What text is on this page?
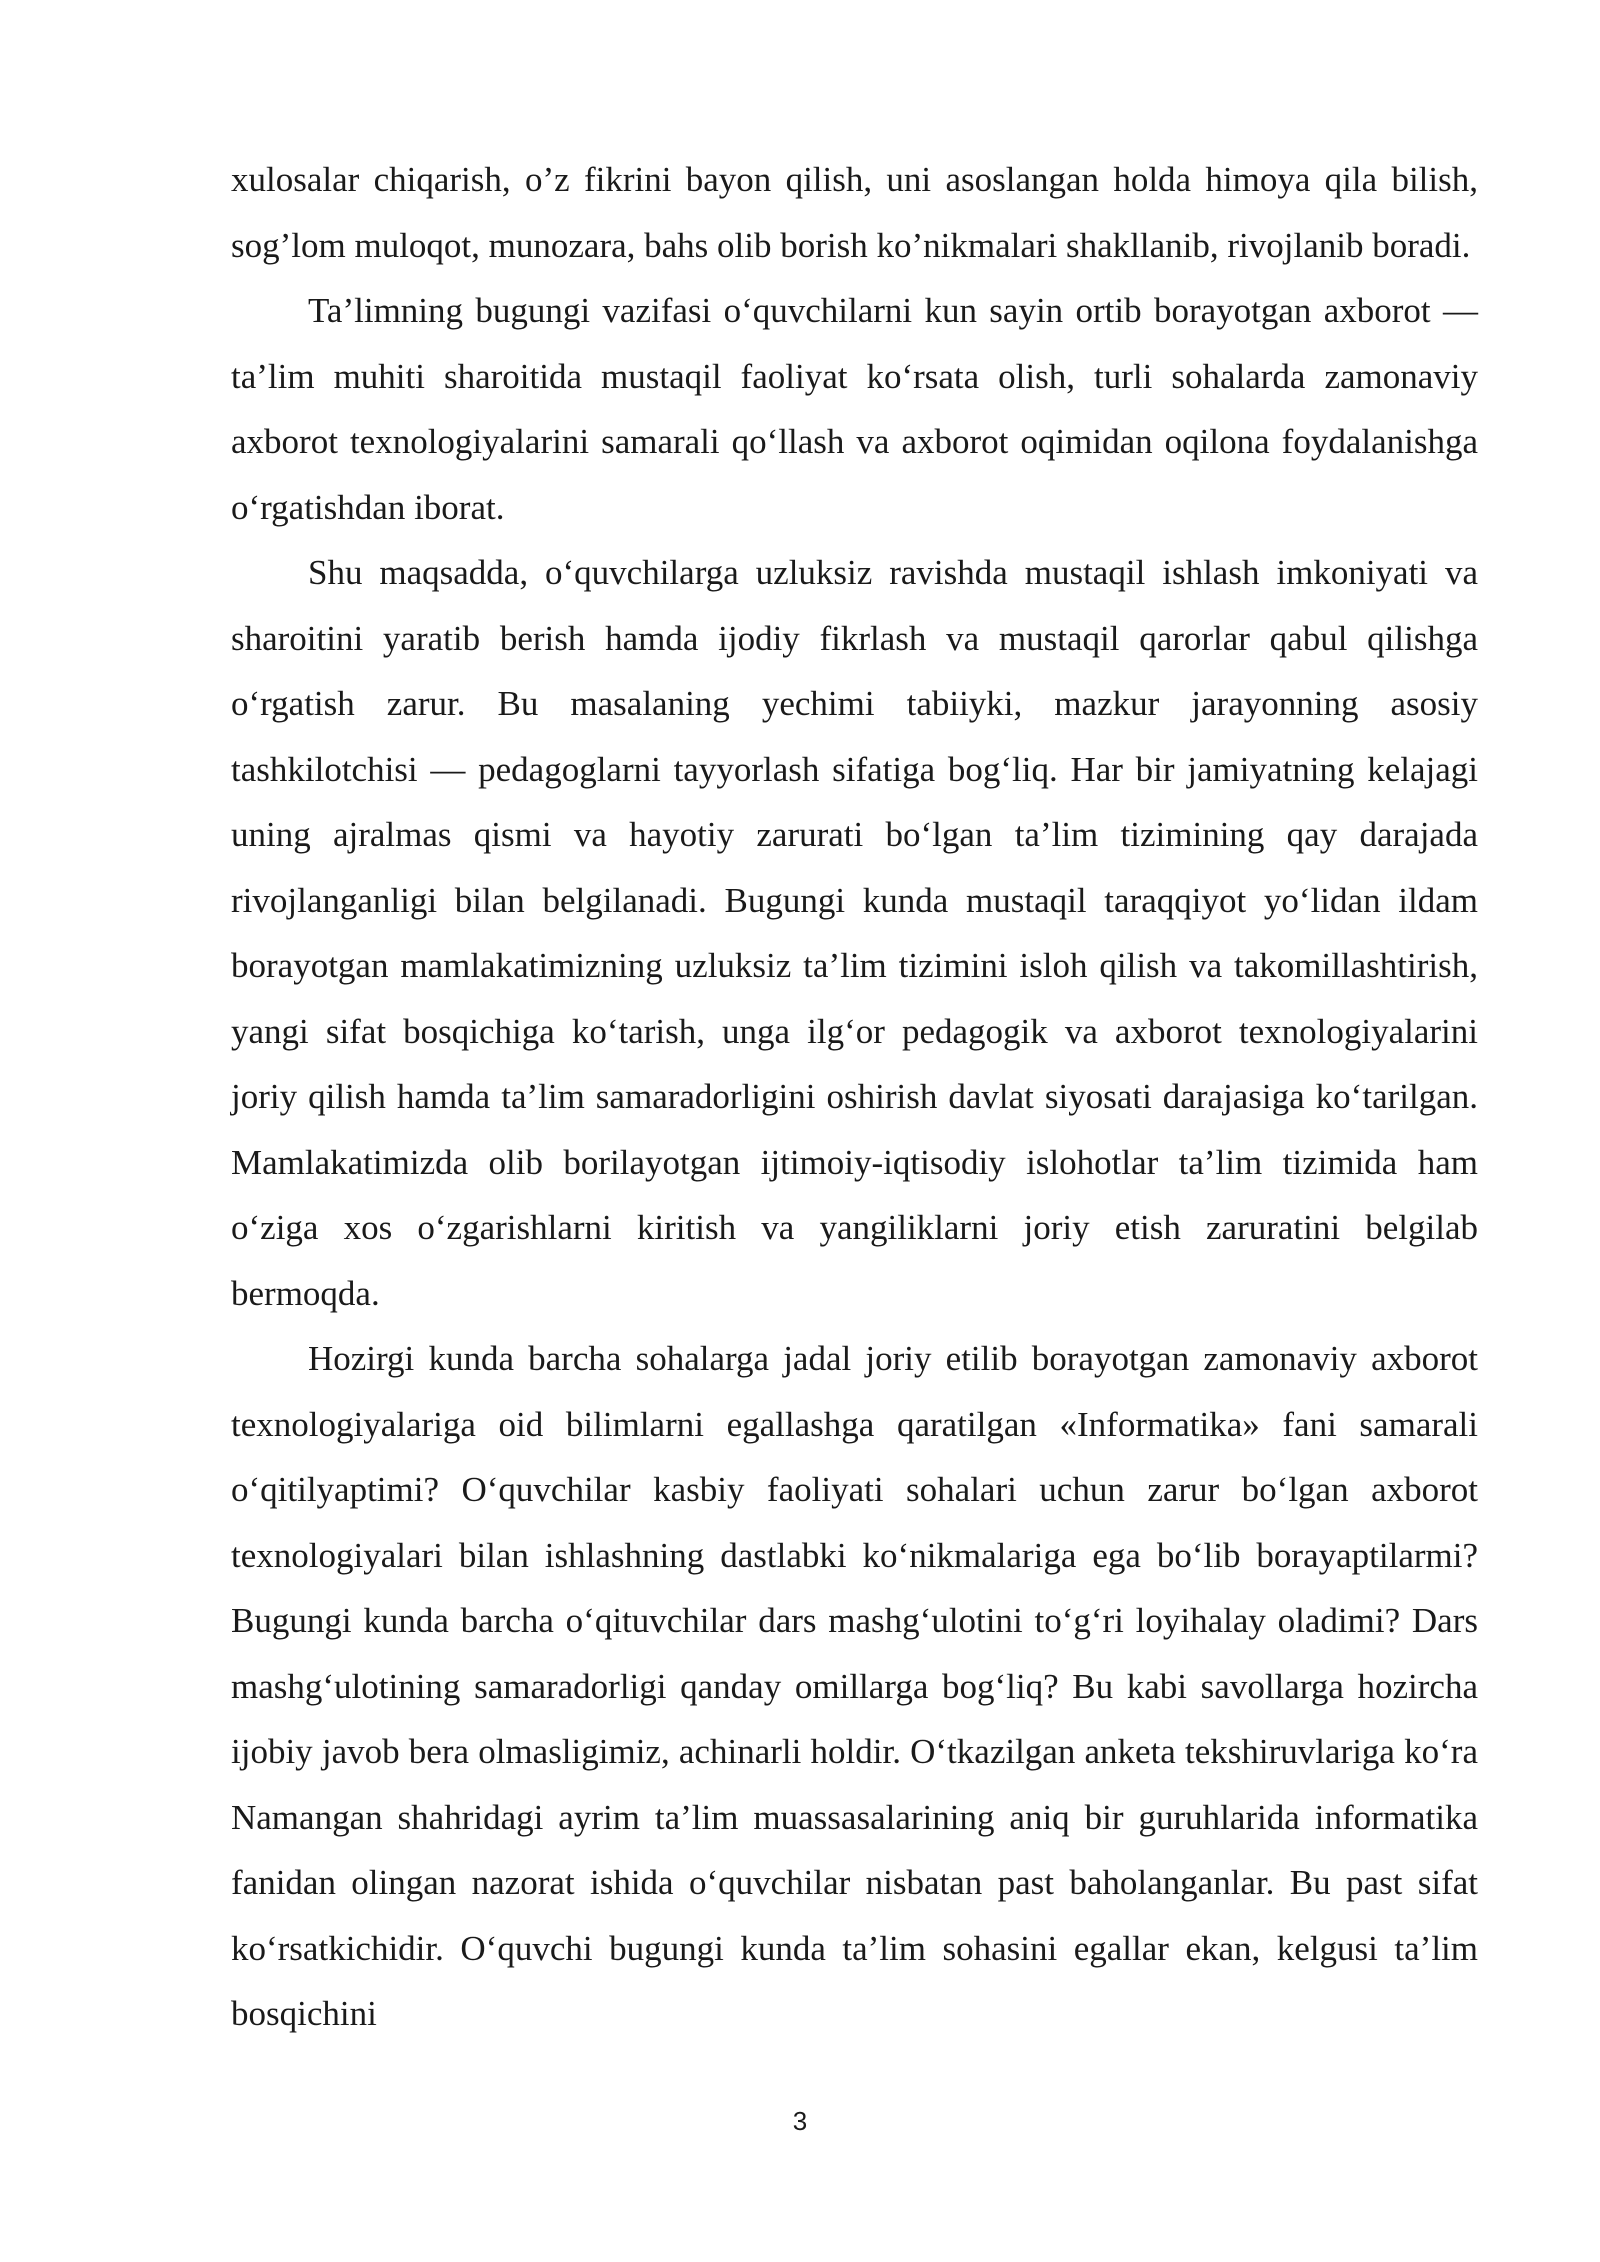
xulosalar chiqarish, o’z fikrini bayon qilish, uni asoslangan holda himoya qila bilish, sog’lom muloqot, munozara, bahs olib borish ko’nikmalari shakllanib, rivojlanib boradi.

Ta’limning bugungi vazifasi o‘quvchilarni kun sayin ortib borayotgan axborot — ta’lim muhiti sharoitida mustaqil faoliyat ko‘rsata olish, turli sohalarda zamonaviy axborot texnologiyalarini samarali qo‘llash va axborot oqimidan oqilona foydalanishga o‘rgatishdan iborat.

Shu maqsadda, o‘quvchilarga uzluksiz ravishda mustaqil ishlash imkoniyati va sharoitini yaratib berish hamda ijodiy fikrlash va mustaqil qarorlar qabul qilishga o‘rgatish zarur. Bu masalaning yechimi tabiiyki, mazkur jarayonning asosiy tashkilotchisi — pedagoglarni tayyorlash sifatiga bog‘liq. Har bir jamiyatning kelajagi uning ajralmas qismi va hayotiy zarurati bo‘lgan ta’lim tizimining qay darajada rivojlanganligi bilan belgilanadi. Bugungi kunda mustaqil taraqqiyot yo‘lidan ildam borayotgan mamlakatimizning uzluksiz ta’lim tizimini isloh qilish va takomillashtirish, yangi sifat bosqichiga ko‘tarish, unga ilg‘or pedagogik va axborot texnologiyalarini joriy qilish hamda ta’lim samaradorligini oshirish davlat siyosati darajasiga ko‘tarilgan. Mamlakatimizda olib borilayotgan ijtimoiy-iqtisodiy islohotlar ta’lim tizimida ham o‘ziga xos o‘zgarishlarni kiritish va yangiliklarni joriy etish zaruratini belgilab bermoqda.

Hozirgi kunda barcha sohalarga jadal joriy etilib borayotgan zamonaviy axborot texnologiyalariga oid bilimlarni egallashga qaratilgan «Informatika» fani samarali o‘qitilyaptimi? O‘quvchilar kasbiy faoliyati sohalari uchun zarur bo‘lgan axborot texnologiyalari bilan ishlashning dastlabki ko‘nikmalariga ega bo‘lib borayaptilarmi? Bugungi kunda barcha o‘qituvchilar dars mashg‘ulotini to‘g‘ri loyihalay oladimi? Dars mashg‘ulotining samaradorligi qanday omillarga bog‘liq? Bu kabi savollarga hozircha ijobiy javob bera olmasligimiz, achinarli holdir. O‘tkazilgan anketa tekshiruvlariga ko‘ra Namangan shahridagi ayrim ta’lim muassasalarining aniq bir guruhlarida informatika fanidan olingan nazorat ishida o‘quvchilar nisbatan past baholanganlar. Bu past sifat ko‘rsatkichidir. O‘quvchi bugungi kunda ta’lim sohasini egallar ekan, kelgusi ta’lim bosqichini

3
